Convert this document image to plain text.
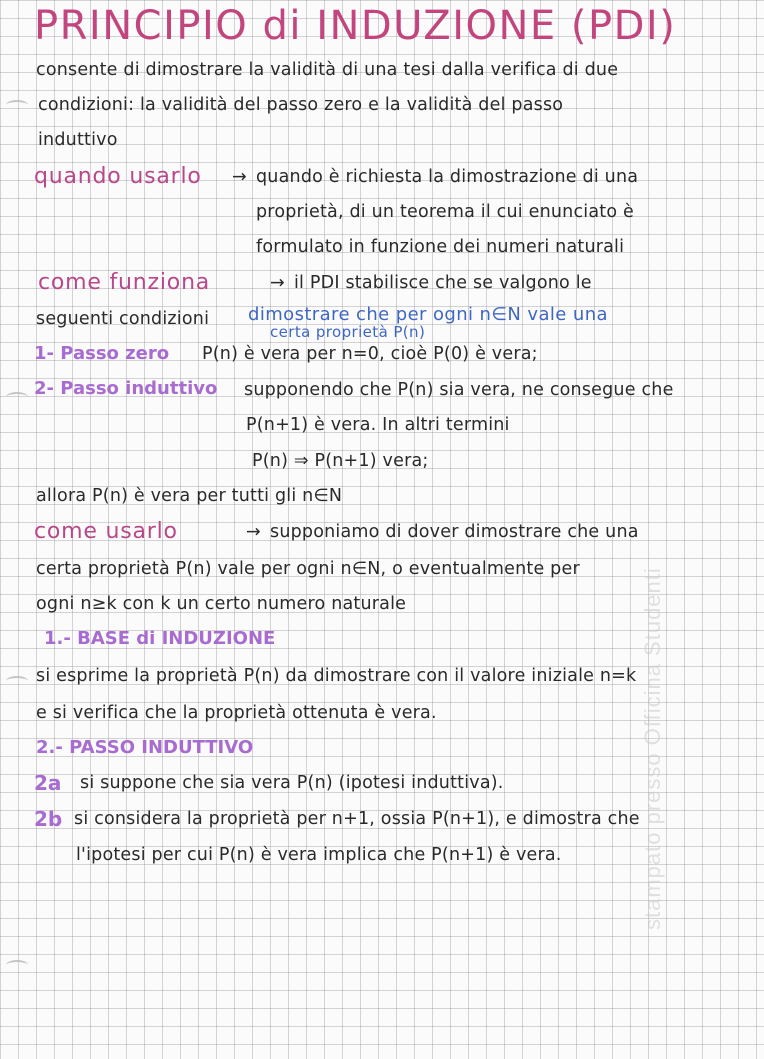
PRINCIPIO di INDUZIONE (PDI)
consente di dimostrare la validità di una tesi dalla verifica di due
condizioni: la validità del passo zero e la validità del passo
induttivo
quando usarlo → quando è richiesta la dimostrazione di una
proprietà, di un teorema il cui enunciato è
formulato in funzione dei numeri naturali
come funziona	→ il PDI stabilisce che se valgono le
seguenti condizioni dimostrare che per ogni n∈N vale una
certa proprietà P(n)
1- Passo zero P(n) è vera per n=0, cioè P(0) è vera;
2- Passo induttivo supponendo che P(n) sia vera, ne consegue che
P(n+1) è vera. In altri termini
P(n) ⇒ P(n+1) vera;
allora P(n) è vera per tutti gli n∈N
come usarlo	→ supponiamo di dover dimostrare che una
certa proprietà P(n) vale per ogni n∈N, o eventualmente per
ogni n≥k con k un certo numero naturale
1.- BASE di INDUZIONE
si esprime la proprietà P(n) da dimostrare con il valore iniziale n=k
e si verifica che la proprietà ottenuta è vera.
2.- PASSO INDUTTIVO
2a si suppone che sia vera P(n) (ipotesi induttiva).
2b si considera la proprietà per n+1, ossia P(n+1), e dimostra che
l'ipotesi per cui P(n) è vera implica che P(n+1) è vera.	stampato presso Officina Studenti
